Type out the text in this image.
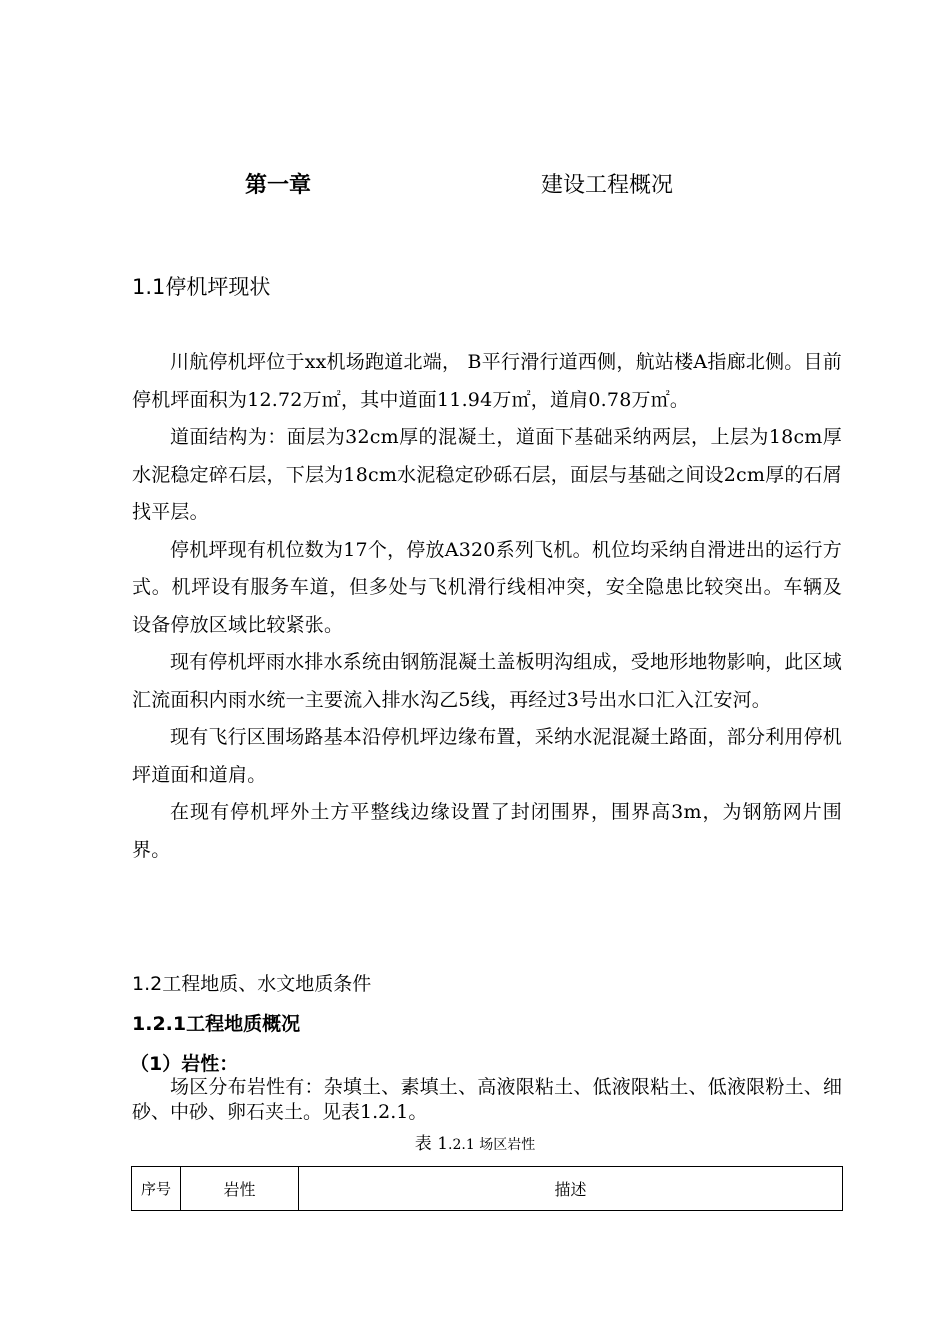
第一章	建设工程概况
1.1停机坪现状

川航停机坪位于xx机场跑道北端， B平行滑行道西侧，航站楼A指廊北侧。目前停机坪面积为12.72万㎡，其中道面11.94万㎡，道肩0.78万㎡。

道面结构为：面层为32cm厚的混凝土，道面下基础采纳两层，上层为18cm厚水泥稳定碎石层，下层为18cm水泥稳定砂砾石层，面层与基础之间设2cm厚的石屑找平层。

停机坪现有机位数为17个，停放A320系列飞机。机位均采纳自滑进出的运行方式。机坪设有服务车道，但多处与飞机滑行线相冲突，安全隐患比较突出。车辆及设备停放区域比较紧张。

现有停机坪雨水排水系统由钢筋混凝土盖板明沟组成，受地形地物影响，此区域汇流面积内雨水统一主要流入排水沟乙5线，再经过3号出水口汇入江安河。

现有飞行区围场路基本沿停机坪边缘布置，采纳水泥混凝土路面，部分利用停机坪道面和道肩。

在现有停机坪外土方平整线边缘设置了封闭围界，围界高3m，为钢筋网片围界。

1.2工程地质、水文地质条件
1.2.1工程地质概况
（1）岩性：

场区分布岩性有：杂填土、素填土、高液限粘土、低液限粘土、低液限粉土、细砂、中砂、卵石夹土。见表1.2.1。

表 1.2.1 场区岩性
序号	岩性	描述
